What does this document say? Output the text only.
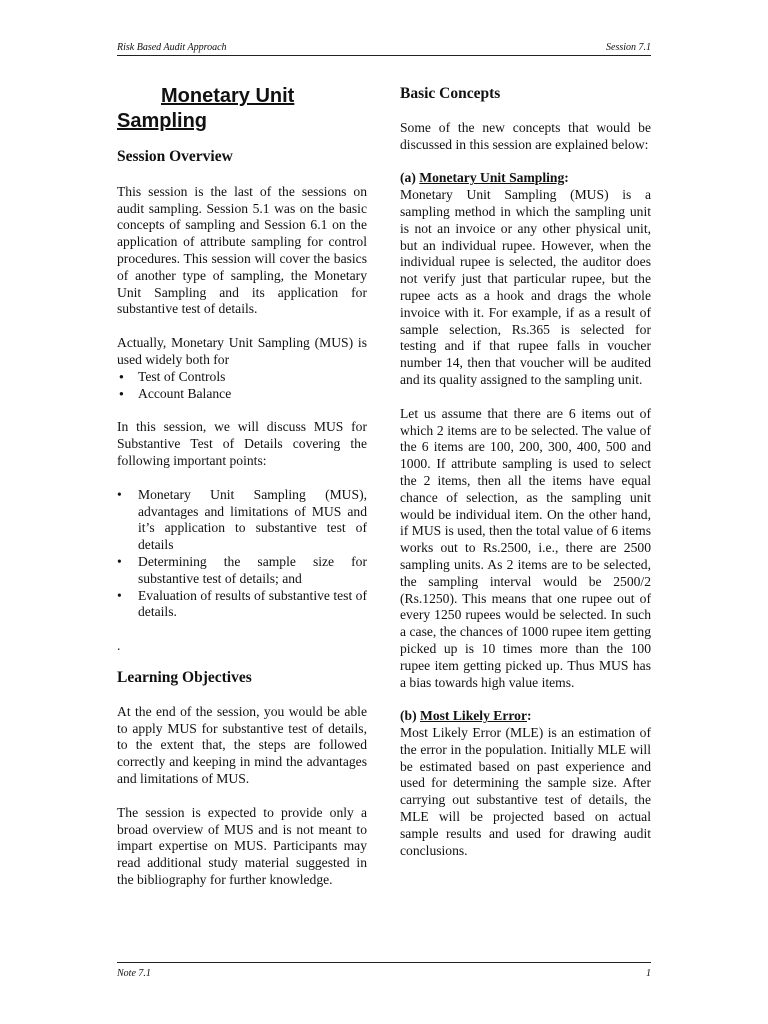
Risk Based Audit Approach	Session 7.1
Monetary Unit
Sampling
Session Overview

This session is the last of the sessions on audit sampling. Session 5.1 was on the basic concepts of sampling and Session 6.1 on the application of attribute sampling for control procedures. This session will cover the basics of another type of sampling, the Monetary Unit Sampling and its application for substantive test of details.

Actually, Monetary Unit Sampling (MUS) is used widely both for

● Test of Controls
● Account Balance

In this session, we will discuss MUS for Substantive Test of Details covering the following important points:

• Monetary Unit Sampling (MUS), advantages and limitations of MUS and it’s application to substantive test of details
• Determining the sample size for substantive test of details; and
• Evaluation of results of substantive test of details.

.

Learning Objectives

At the end of the session, you would be able to apply MUS for substantive test of details, to the extent that, the steps are followed correctly and keeping in mind the advantages and limitations of MUS.

The session is expected to provide only a broad overview of MUS and is not meant to impart expertise on MUS. Participants may read additional study material suggested in the bibliography for further knowledge.

Basic Concepts

Some of the new concepts that would be discussed in this session are explained below:

(a) Monetary Unit Sampling:

Monetary Unit Sampling (MUS) is a sampling method in which the sampling unit is not an invoice or any other physical unit, but an individual rupee. However, when the individual rupee is selected, the auditor does not verify just that particular rupee, but the rupee acts as a hook and drags the whole invoice with it. For example, if as a result of sample selection, Rs.365 is selected for testing and if that rupee falls in voucher number 14, then that voucher will be audited and its quality assigned to the sampling unit.

Let us assume that there are 6 items out of which 2 items are to be selected. The value of the 6 items are 100, 200, 300, 400, 500 and 1000. If attribute sampling is used to select the 2 items, then all the items have equal chance of selection, as the sampling unit would be individual item. On the other hand, if MUS is used, then the total value of 6 items works out to Rs.2500, i.e., there are 2500 sampling units. As 2 items are to be selected, the sampling interval would be 2500/2 (Rs.1250). This means that one rupee out of every 1250 rupees would be selected. In such a case, the chances of 1000 rupee item getting picked up is 10 times more than the 100 rupee item getting picked up. Thus MUS has a bias towards high value items.

(b) Most Likely Error:

Most Likely Error (MLE) is an estimation of the error in the population. Initially MLE will be estimated based on past experience and used for determining the sample size. After carrying out substantive test of details, the MLE will be projected based on actual sample results and used for drawing audit conclusions.

Note 7.1	1
